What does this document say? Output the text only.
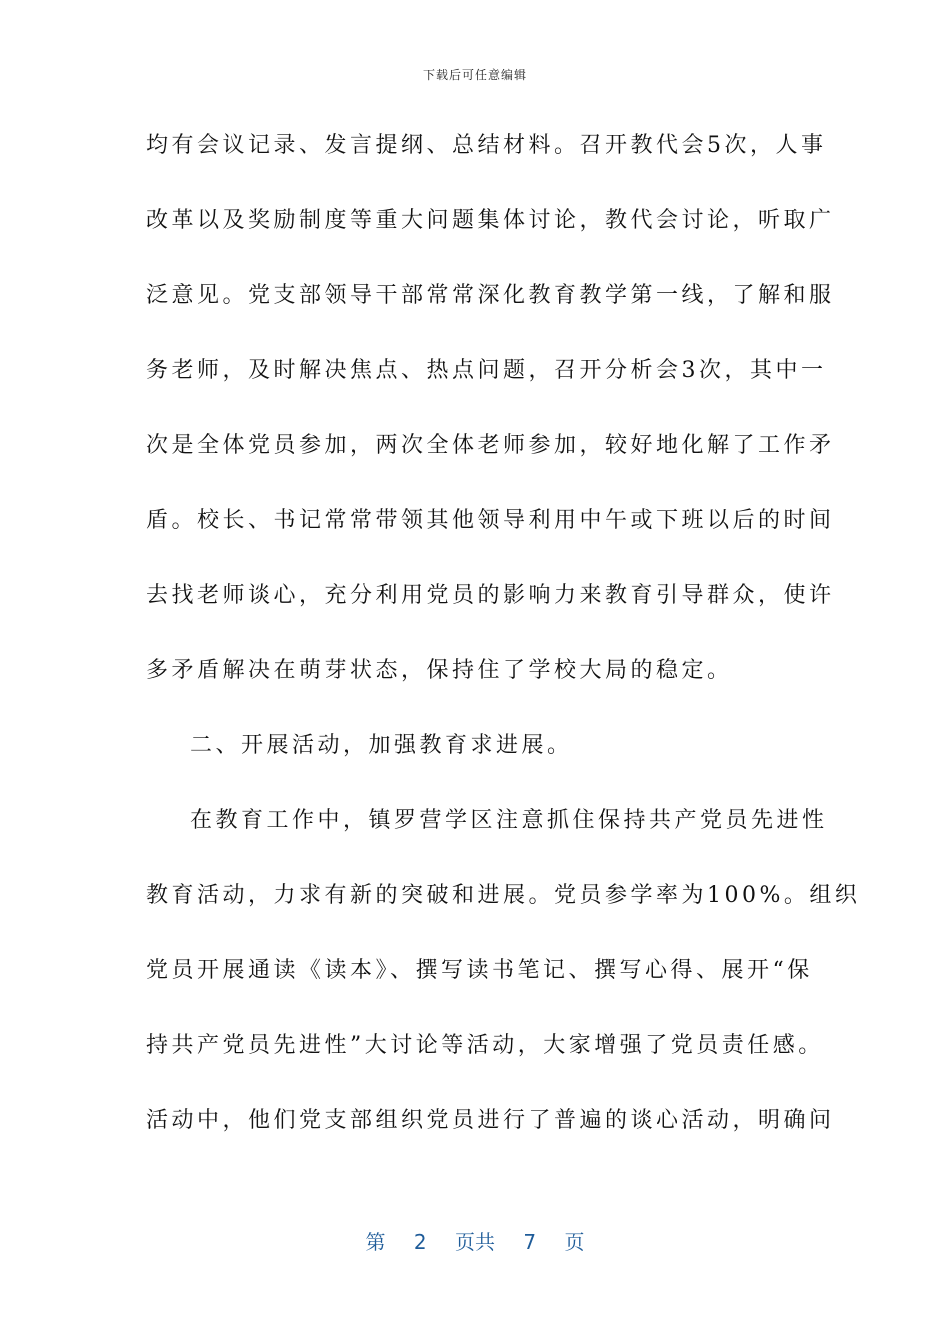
下载后可任意编辑
均有会议记录、发言提纲、总结材料。召开教代会5次，人事
改革以及奖励制度等重大问题集体讨论，教代会讨论，听取广
泛意见。党支部领导干部常常深化教育教学第一线，了解和服
务老师，及时解决焦点、热点问题，召开分析会3次，其中一
次是全体党员参加，两次全体老师参加，较好地化解了工作矛
盾。校长、书记常常带领其他领导利用中午或下班以后的时间
去找老师谈心，充分利用党员的影响力来教育引导群众，使许
多矛盾解决在萌芽状态，保持住了学校大局的稳定。
二、开展活动，加强教育求进展。
在教育工作中，镇罗营学区注意抓住保持共产党员先进性
教育活动，力求有新的突破和进展。党员参学率为100%。组织
党员开展通读《读本》、撰写读书笔记、撰写心得、展开“保
持共产党员先进性”大讨论等活动，大家增强了党员责任感。
活动中，他们党支部组织党员进行了普遍的谈心活动，明确问
第 2 页共 7 页
